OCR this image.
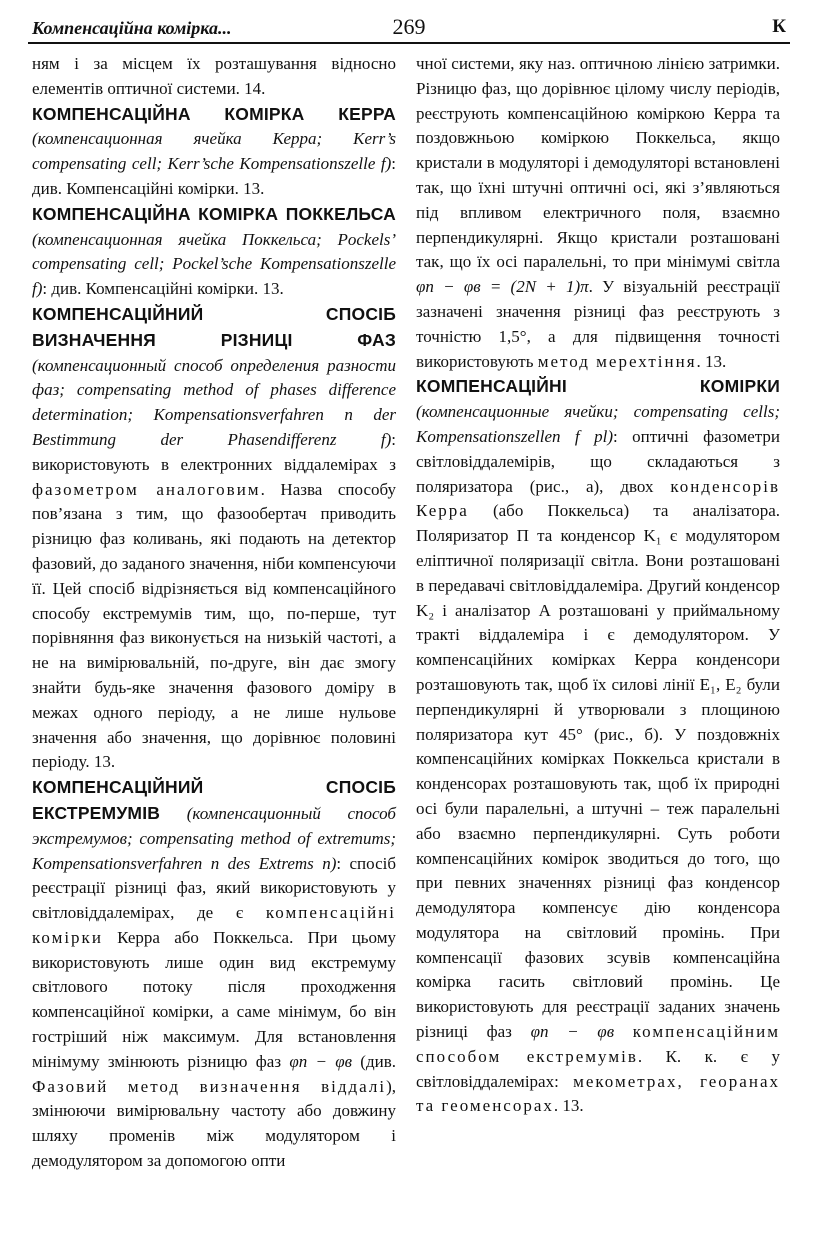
Компенсаційна комірка...	269	К

ням і за місцем їх розташування відносно елементів оптичної системи. 14.

КОМПЕНСАЦІЙНА КОМІРКА КЕРРА (компенсационная ячейка Керра; Kerr’s compensating cell; Kerr’sche Kompensationszelle f): див. Компенсаційні комірки. 13.

КОМПЕНСАЦІЙНА КОМІРКА ПОККЕЛЬСА (компенсационная ячейка Поккельса; Pockels’ compensating cell; Pockel’sche Kompensationszelle f): див. Компенсаційні комірки. 13.

КОМПЕНСАЦІЙНИЙ СПОСІБ ВИЗНАЧЕННЯ РІЗНИЦІ ФАЗ (компенсационный способ определения разности фаз; compensating method of phases difference determination; Kompensationsverfahren n der Bestimmung der Phasendifferenz f): використовують в електронних віддалемірах з фазометром аналоговим. Назва способу пов’язана з тим, що фазообертач приводить різницю фаз коливань, які подають на детектор фазовий, до заданого значення, ніби компенсуючи її. Цей спосіб відрізняється від компенсаційного способу екстремумів тим, що, по-перше, тут порівняння фаз виконується на низькій частоті, а не на вимірювальній, по-друге, він дає змогу знайти будь-яке значення фазового доміру в межах одного періоду, а не лише нульове значення або значення, що дорівнює половині періоду. 13.

КОМПЕНСАЦІЙНИЙ СПОСІБ ЕКСТРЕМУМІВ (компенсационный способ экстремумов; compensating method of extremums; Kompensationsverfahren n des Extrems n): спосіб реєстрації різниці фаз, який використовують у світловіддалемірах, де є компенсаційні комірки Керра або Поккельса. При цьому використовують лише один вид екстремуму світлового потоку після проходження компенсаційної комірки, а саме мінімум, бо він гостріший ніж максимум. Для встановлення мінімуму змінюють різницю фаз φп − φв (див. Фазовий метод визначення віддалі), змінюючи вимірювальну частоту або довжину шляху променів між модулятором і демодулятором за допомогою опти

чної системи, яку наз. оптичною лінією затримки. Різницю фаз, що дорівнює цілому числу періодів, реєструють компенсаційною коміркою Керра та поздовжньою коміркою Поккельса, якщо кристали в модуляторі і демодуляторі встановлені так, що їхні штучні оптичні осі, які з’являються під впливом електричного поля, взаємно перпендикулярні. Якщо кристали розташовані так, що їх осі паралельні, то при мінімумі світла φп − φв = (2N + 1)π. У візуальній реєстрації зазначені значення різниці фаз реєструють з точністю 1,5°, а для підвищення точності використовують метод мерехтіння. 13.

КОМПЕНСАЦІЙНІ КОМІРКИ (компенсационные ячейки; compensating cells; Kompensationszellen f pl): оптичні фазометри світловіддалемірів, що складаються з поляризатора (рис., а), двох конденсорів Керра (або Поккельса) та аналізатора. Поляризатор П та конденсор K₁ є модулятором еліптичної поляризації світла. Вони розташовані в передавачі світловіддалеміра. Другий конденсор K₂ і аналізатор А розташовані у приймальному тракті віддалеміра і є демодулятором. У компенсаційних комірках Керра конденсори розташовують так, щоб їх силові лінії E₁, E₂ були перпендикулярні й утворювали з площиною поляризатора кут 45° (рис., б). У поздовжніх компенсаційних комірках Поккельса кристали в конденсорах розташовують так, щоб їх природні осі були паралельні, а штучні – теж паралельні або взаємно перпендикулярні. Суть роботи компенсаційних комірок зводиться до того, що при певних значеннях різниці фаз конденсор демодулятора компенсує дію конденсора модулятора на світловий промінь. При компенсації фазових зсувів компенсаційна комірка гасить світловий промінь. Це використовують для реєстрації заданих значень різниці фаз φп − φв компенсаційним способом екстремумів. К. к. є у світловіддалемірах: мекометрах, георанах та геоменсорах. 13.
